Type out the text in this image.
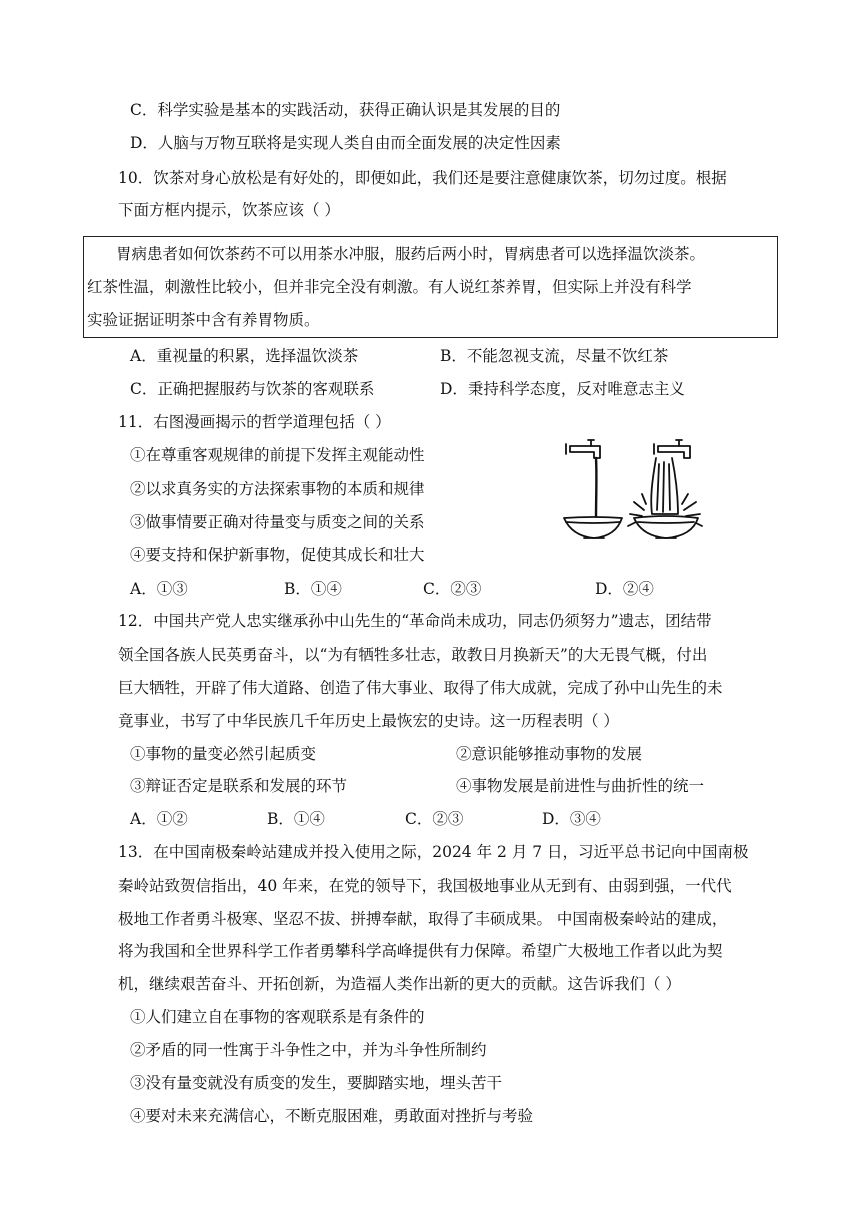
C．科学实验是基本的实践活动，获得正确认识是其发展的目的
D．人脑与万物互联将是实现人类自由而全面发展的决定性因素
10．饮茶对身心放松是有好处的，即便如此，我们还是要注意健康饮茶，切勿过度。根据
下面方框内提示，饮茶应该（ ）
胃病患者如何饮茶药不可以用茶水冲服，服药后两小时，胃病患者可以选择温饮淡茶。
红茶性温，刺激性比较小，但并非完全没有刺激。有人说红茶养胃，但实际上并没有科学
实验证据证明茶中含有养胃物质。
A．重视量的积累，选择温饮淡茶	B．不能忽视支流，尽量不饮红茶
C．正确把握服药与饮茶的客观联系	D．秉持科学态度，反对唯意志主义
11．右图漫画揭示的哲学道理包括（ ）
①在尊重客观规律的前提下发挥主观能动性
②以求真务实的方法探索事物的本质和规律
③做事情要正确对待量变与质变之间的关系
④要支持和保护新事物，促使其成长和壮大
A．①③	B．①④	C．②③	D．②④
12．中国共产党人忠实继承孙中山先生的“革命尚未成功，同志仍须努力”遗志，团结带
领全国各族人民英勇奋斗，以“为有牺牲多壮志，敢教日月换新天”的大无畏气概，付出
巨大牺牲，开辟了伟大道路、创造了伟大事业、取得了伟大成就，完成了孙中山先生的未
竟事业，书写了中华民族几千年历史上最恢宏的史诗。这一历程表明（ ）
①事物的量变必然引起质变	②意识能够推动事物的发展
③辩证否定是联系和发展的环节	④事物发展是前进性与曲折性的统一
A．①②	B．①④	C．②③	D．③④
13．在中国南极秦岭站建成并投入使用之际，2024 年 2 月 7 日，习近平总书记向中国南极
秦岭站致贺信指出，40 年来，在党的领导下，我国极地事业从无到有、由弱到强，一代代
极地工作者勇斗极寒、坚忍不拔、拼搏奉献，取得了丰硕成果。 中国南极秦岭站的建成，
将为我国和全世界科学工作者勇攀科学高峰提供有力保障。希望广大极地工作者以此为契
机，继续艰苦奋斗、开拓创新，为造福人类作出新的更大的贡献。这告诉我们（ ）
①人们建立自在事物的客观联系是有条件的
②矛盾的同一性寓于斗争性之中，并为斗争性所制约
③没有量变就没有质变的发生，要脚踏实地，埋头苦干
④要对未来充满信心，不断克服困难，勇敢面对挫折与考验
